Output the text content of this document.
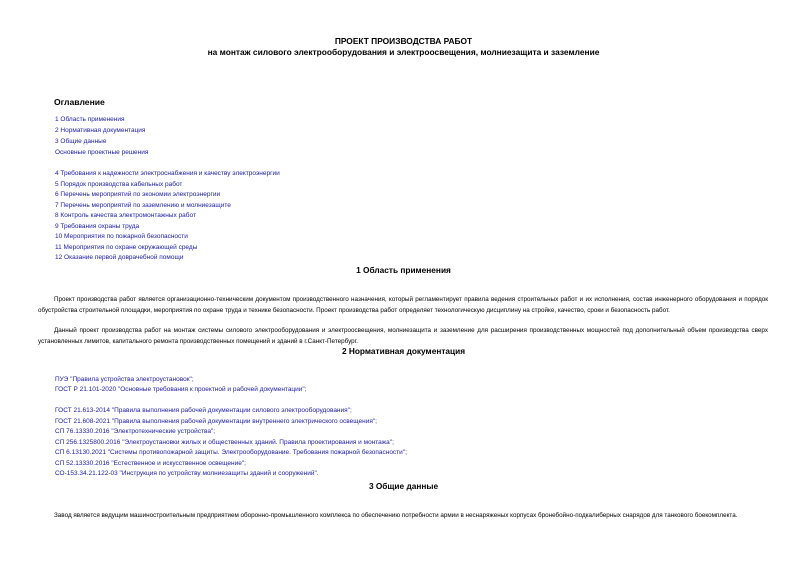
ПРОЕКТ ПРОИЗВОДСТВА РАБОТ
на монтаж силового электрооборудования и электроосвещения, молниезащита и заземление
Оглавление
1 Область применения
2 Нормативная документация
3 Общие данные
Основные проектные решения
4 Требования к надежности электроснабжения и качеству электроэнергии
5 Порядок производства кабельных работ
6 Перечень мероприятий по экономии электроэнергии
7 Перечень мероприятий по заземлению и молниезащите
8 Контроль качества электромонтажных работ
9 Требования охраны труда
10 Мероприятия по пожарной безопасности
11 Мероприятия по охране окружающей среды
12 Оказание первой доврачебной помощи
1 Область применения
Проект производства работ является организационно-техническим документом производственного назначения, который регламентирует правила ведения строительных работ и их исполнения, состав инженерного оборудования и порядок обустройства строительной площадки, мероприятия по охране труда и технике безопасности. Проект производства работ определяет технологическую дисциплину на стройке, качество, сроки и безопасность работ.
Данный проект производства работ на монтаж системы силового электрооборудования и электроосвещения, молниезащита и заземление для расширения производственных мощностей под дополнительный объем производства сверх установленных лимитов, капитального ремонта производственных помещений и зданий в г.Санкт-Петербург.
2 Нормативная документация
ПУЭ "Правила устройства электроустановок";
ГОСТ Р 21.101-2020 "Основные требования к проектной и рабочей документации";
ГОСТ 21.613-2014 "Правила выполнения рабочей документации силового электрооборудования";
ГОСТ 21.608-2021 "Правила выполнения рабочей документации внутреннего электрического освещения";
СП 76.13330.2016 "Электротехнические устройства";
СП 256.1325800.2016 "Электроустановки жилых и общественных зданий. Правила проектирования и монтажа";
СП 6.13130.2021 "Системы противопожарной защиты. Электрооборудование. Требования пожарной безопасности";
СП 52.13330.2016 "Естественное и искусственное освещение";
СО-153.34.21.122-03 "Инструкция по устройству молниезащиты зданий и сооружений".
3 Общие данные
Завод является ведущим машиностроительным предприятием оборонно-промышленного комплекса по обеспечению потребности армии в неснаряженых корпусах бронебойно-подкалиберных снарядов для танкового боекомплекта.
